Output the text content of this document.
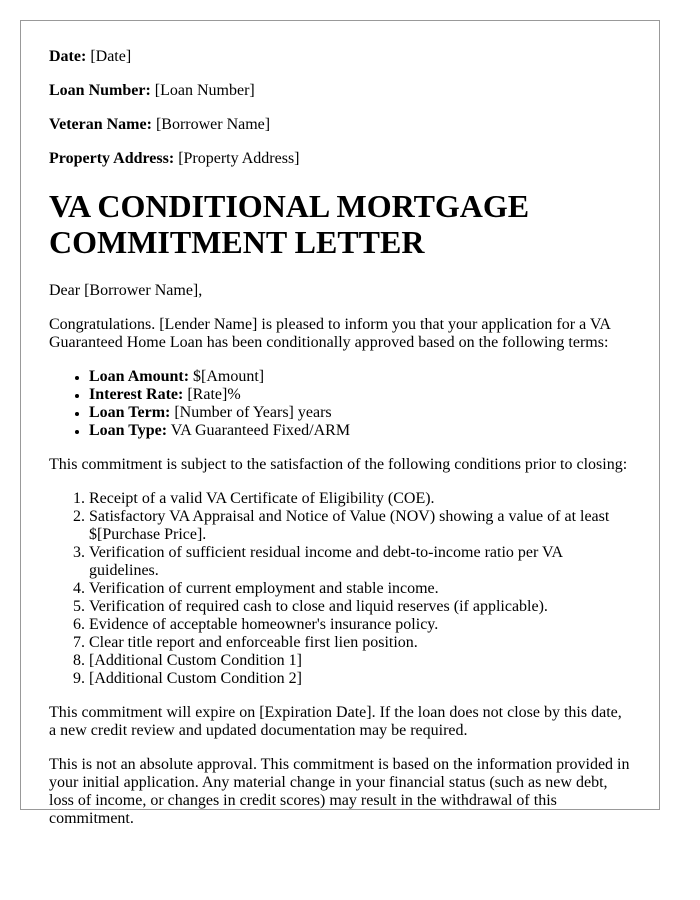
Date: [Date]
Loan Number: [Loan Number]
Veteran Name: [Borrower Name]
Property Address: [Property Address]
VA CONDITIONAL MORTGAGE COMMITMENT LETTER

Dear [Borrower Name],

Congratulations. [Lender Name] is pleased to inform you that your application for a VA Guaranteed Home Loan has been conditionally approved based on the following terms:

• Loan Amount: $[Amount]
• Interest Rate: [Rate]%
• Loan Term: [Number of Years] years
• Loan Type: VA Guaranteed Fixed/ARM

This commitment is subject to the satisfaction of the following conditions prior to closing:

1. Receipt of a valid VA Certificate of Eligibility (COE).
2. Satisfactory VA Appraisal and Notice of Value (NOV) showing a value of at least $[Purchase Price].
3. Verification of sufficient residual income and debt-to-income ratio per VA guidelines.
4. Verification of current employment and stable income.
5. Verification of required cash to close and liquid reserves (if applicable).
6. Evidence of acceptable homeowner's insurance policy.
7. Clear title report and enforceable first lien position.
8. [Additional Custom Condition 1]
9. [Additional Custom Condition 2]

This commitment will expire on [Expiration Date]. If the loan does not close by this date, a new credit review and updated documentation may be required.

This is not an absolute approval. This commitment is based on the information provided in your initial application. Any material change in your financial status (such as new debt, loss of income, or changes in credit scores) may result in the withdrawal of this commitment.
